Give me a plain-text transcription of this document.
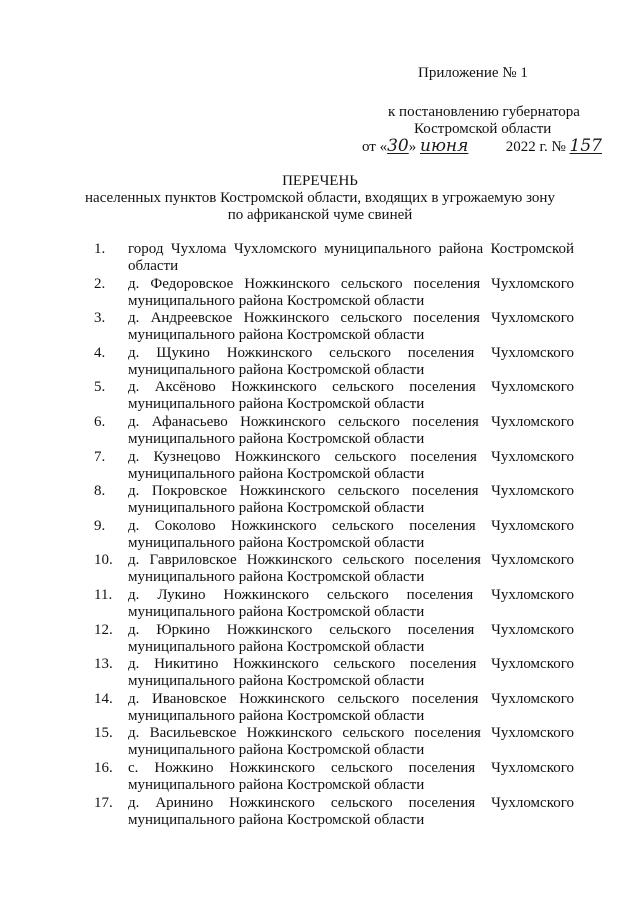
Приложение № 1
к постановлению губернатора
Костромской области
от «30» июня 2022 г. № 157
ПЕРЕЧЕНЬ
населенных пунктов Костромской области, входящих в угрожаемую зону
по африканской чуме свиней
1.	город Чухлома Чухломского муниципального района Костромской
области
2.	д. Федоровское Ножкинского сельского поселения Чухломского
муниципального района Костромской области
3.	д. Андреевское Ножкинского сельского поселения Чухломского
муниципального района Костромской области
4.	д. Щукино Ножкинского сельского поселения Чухломского
муниципального района Костромской области
5.	д. Аксёново Ножкинского сельского поселения Чухломского
муниципального района Костромской области
6.	д. Афанасьево Ножкинского сельского поселения Чухломского
муниципального района Костромской области
7.	д. Кузнецово Ножкинского сельского поселения Чухломского
муниципального района Костромской области
8.	д. Покровское Ножкинского сельского поселения Чухломского
муниципального района Костромской области
9.	д. Соколово Ножкинского сельского поселения Чухломского
муниципального района Костромской области
10.	д. Гавриловское Ножкинского сельского поселения Чухломского
муниципального района Костромской области
11.	д. Лукино Ножкинского сельского поселения Чухломского
муниципального района Костромской области
12.	д. Юркино Ножкинского сельского поселения Чухломского
муниципального района Костромской области
13.	д. Никитино Ножкинского сельского поселения Чухломского
муниципального района Костромской области
14.	д. Ивановское Ножкинского сельского поселения Чухломского
муниципального района Костромской области
15.	д. Васильевское Ножкинского сельского поселения Чухломского
муниципального района Костромской области
16.	с. Ножкино Ножкинского сельского поселения Чухломского
муниципального района Костромской области
17.	д. Аринино Ножкинского сельского поселения Чухломского
муниципального района Костромской области
